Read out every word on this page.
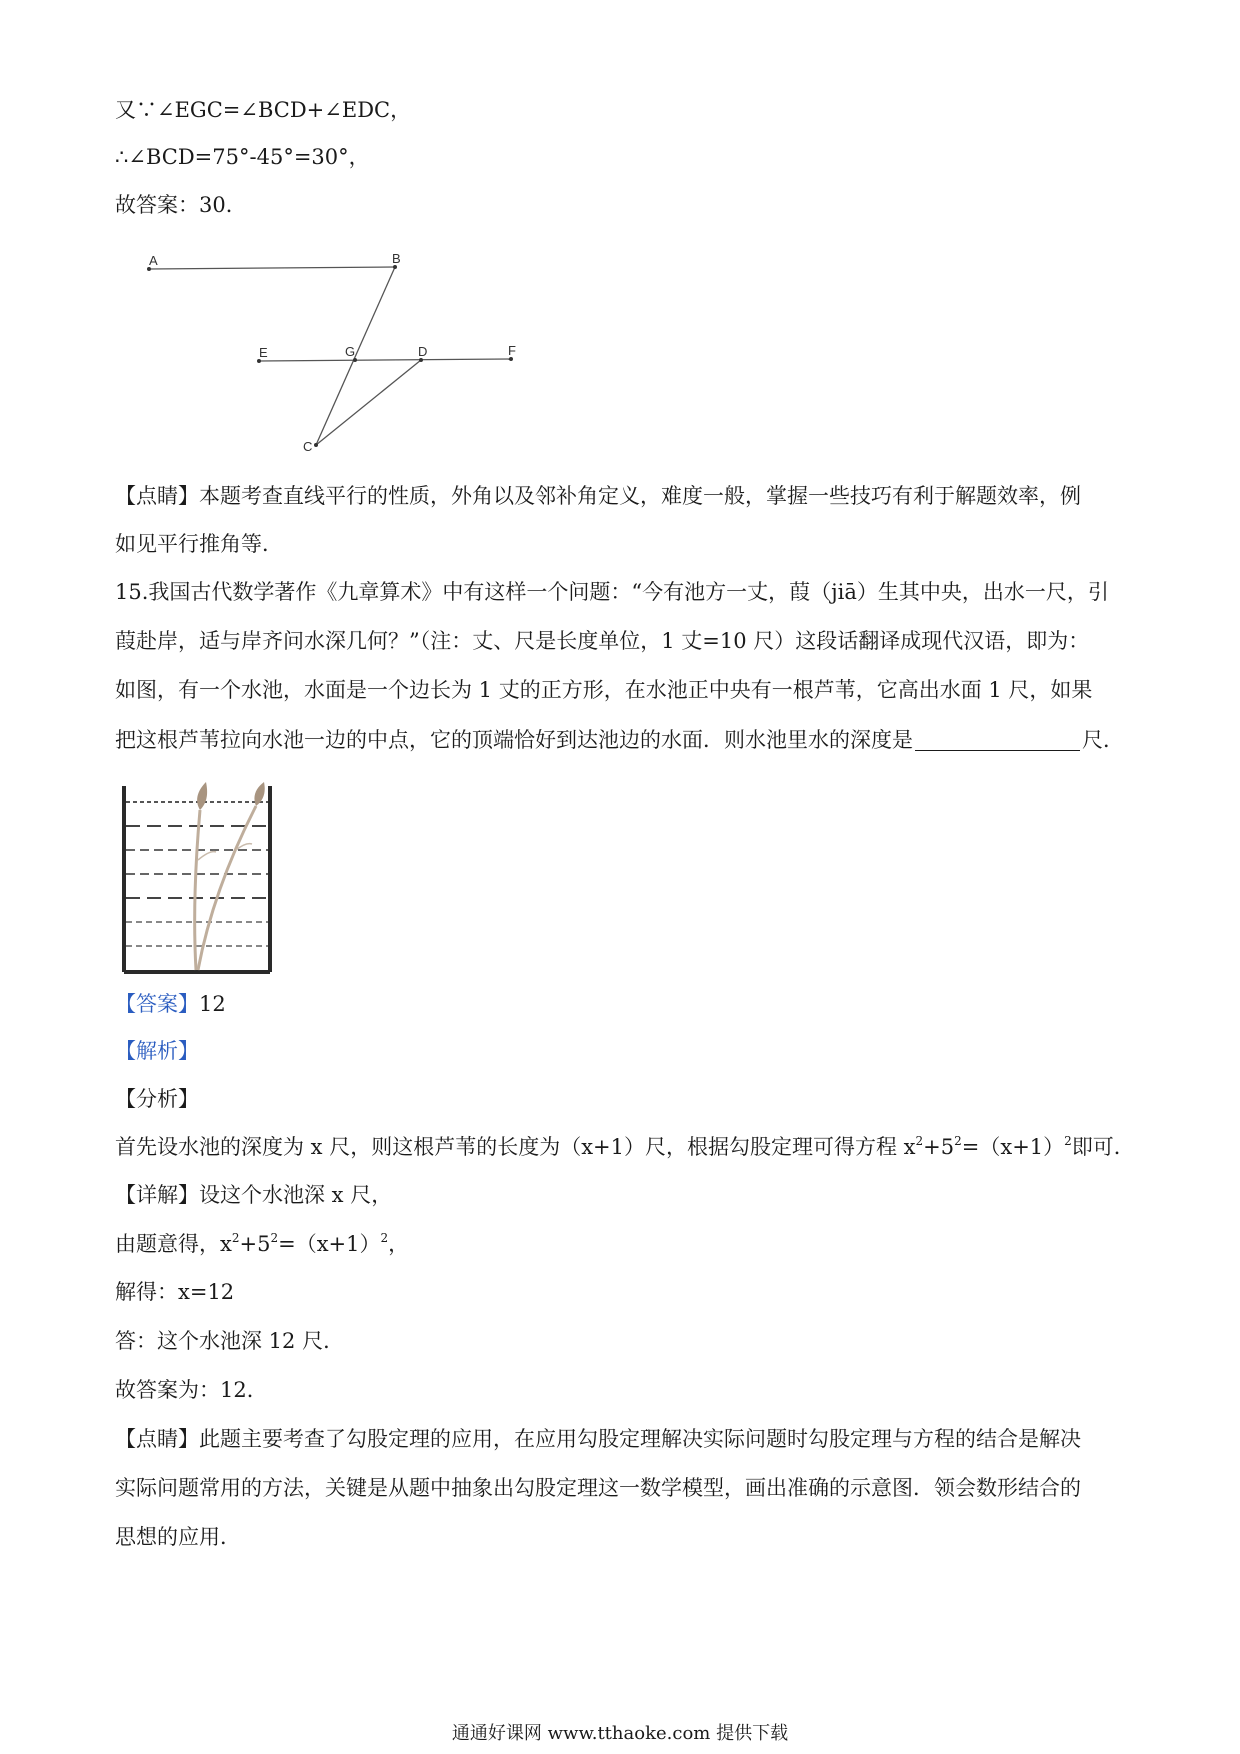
又∵∠EGC=∠BCD+∠EDC，
∴∠BCD=75°-45°=30°，
故答案：30．
A	B
E	G	D	F
C
【点睛】本题考查直线平行的性质，外角以及邻补角定义，难度一般，掌握一些技巧有利于解题效率，例
如见平行推角等．
15.我国古代数学著作《九章算术》中有这样一个问题：“今有池方一丈，葭（jiā）生其中央，出水一尺，引
葭赴岸，适与岸齐问水深几何？”（注：丈、尺是长度单位，1 丈=10 尺）这段话翻译成现代汉语，即为：
如图，有一个水池，水面是一个边长为 1 丈的正方形，在水池正中央有一根芦苇，它高出水面 1 尺，如果
把这根芦苇拉向水池一边的中点，它的顶端恰好到达池边的水面．则水池里水的深度是	尺．
【答案】12
【解析】
【分析】
首先设水池的深度为 x 尺，则这根芦苇的长度为（x+1）尺，根据勾股定理可得方程 $x^2+5^2=(x+1)^2$即可．
【详解】设这个水池深 x 尺，
由题意得，$x^2+5^2=(x+1)^2$，
解得：x=12
答：这个水池深 12 尺．
故答案为：12．
【点睛】此题主要考查了勾股定理的应用，在应用勾股定理解决实际问题时勾股定理与方程的结合是解决
实际问题常用的方法，关键是从题中抽象出勾股定理这一数学模型，画出准确的示意图．领会数形结合的
思想的应用．
通通好课网 www.tthaoke.com 提供下载
